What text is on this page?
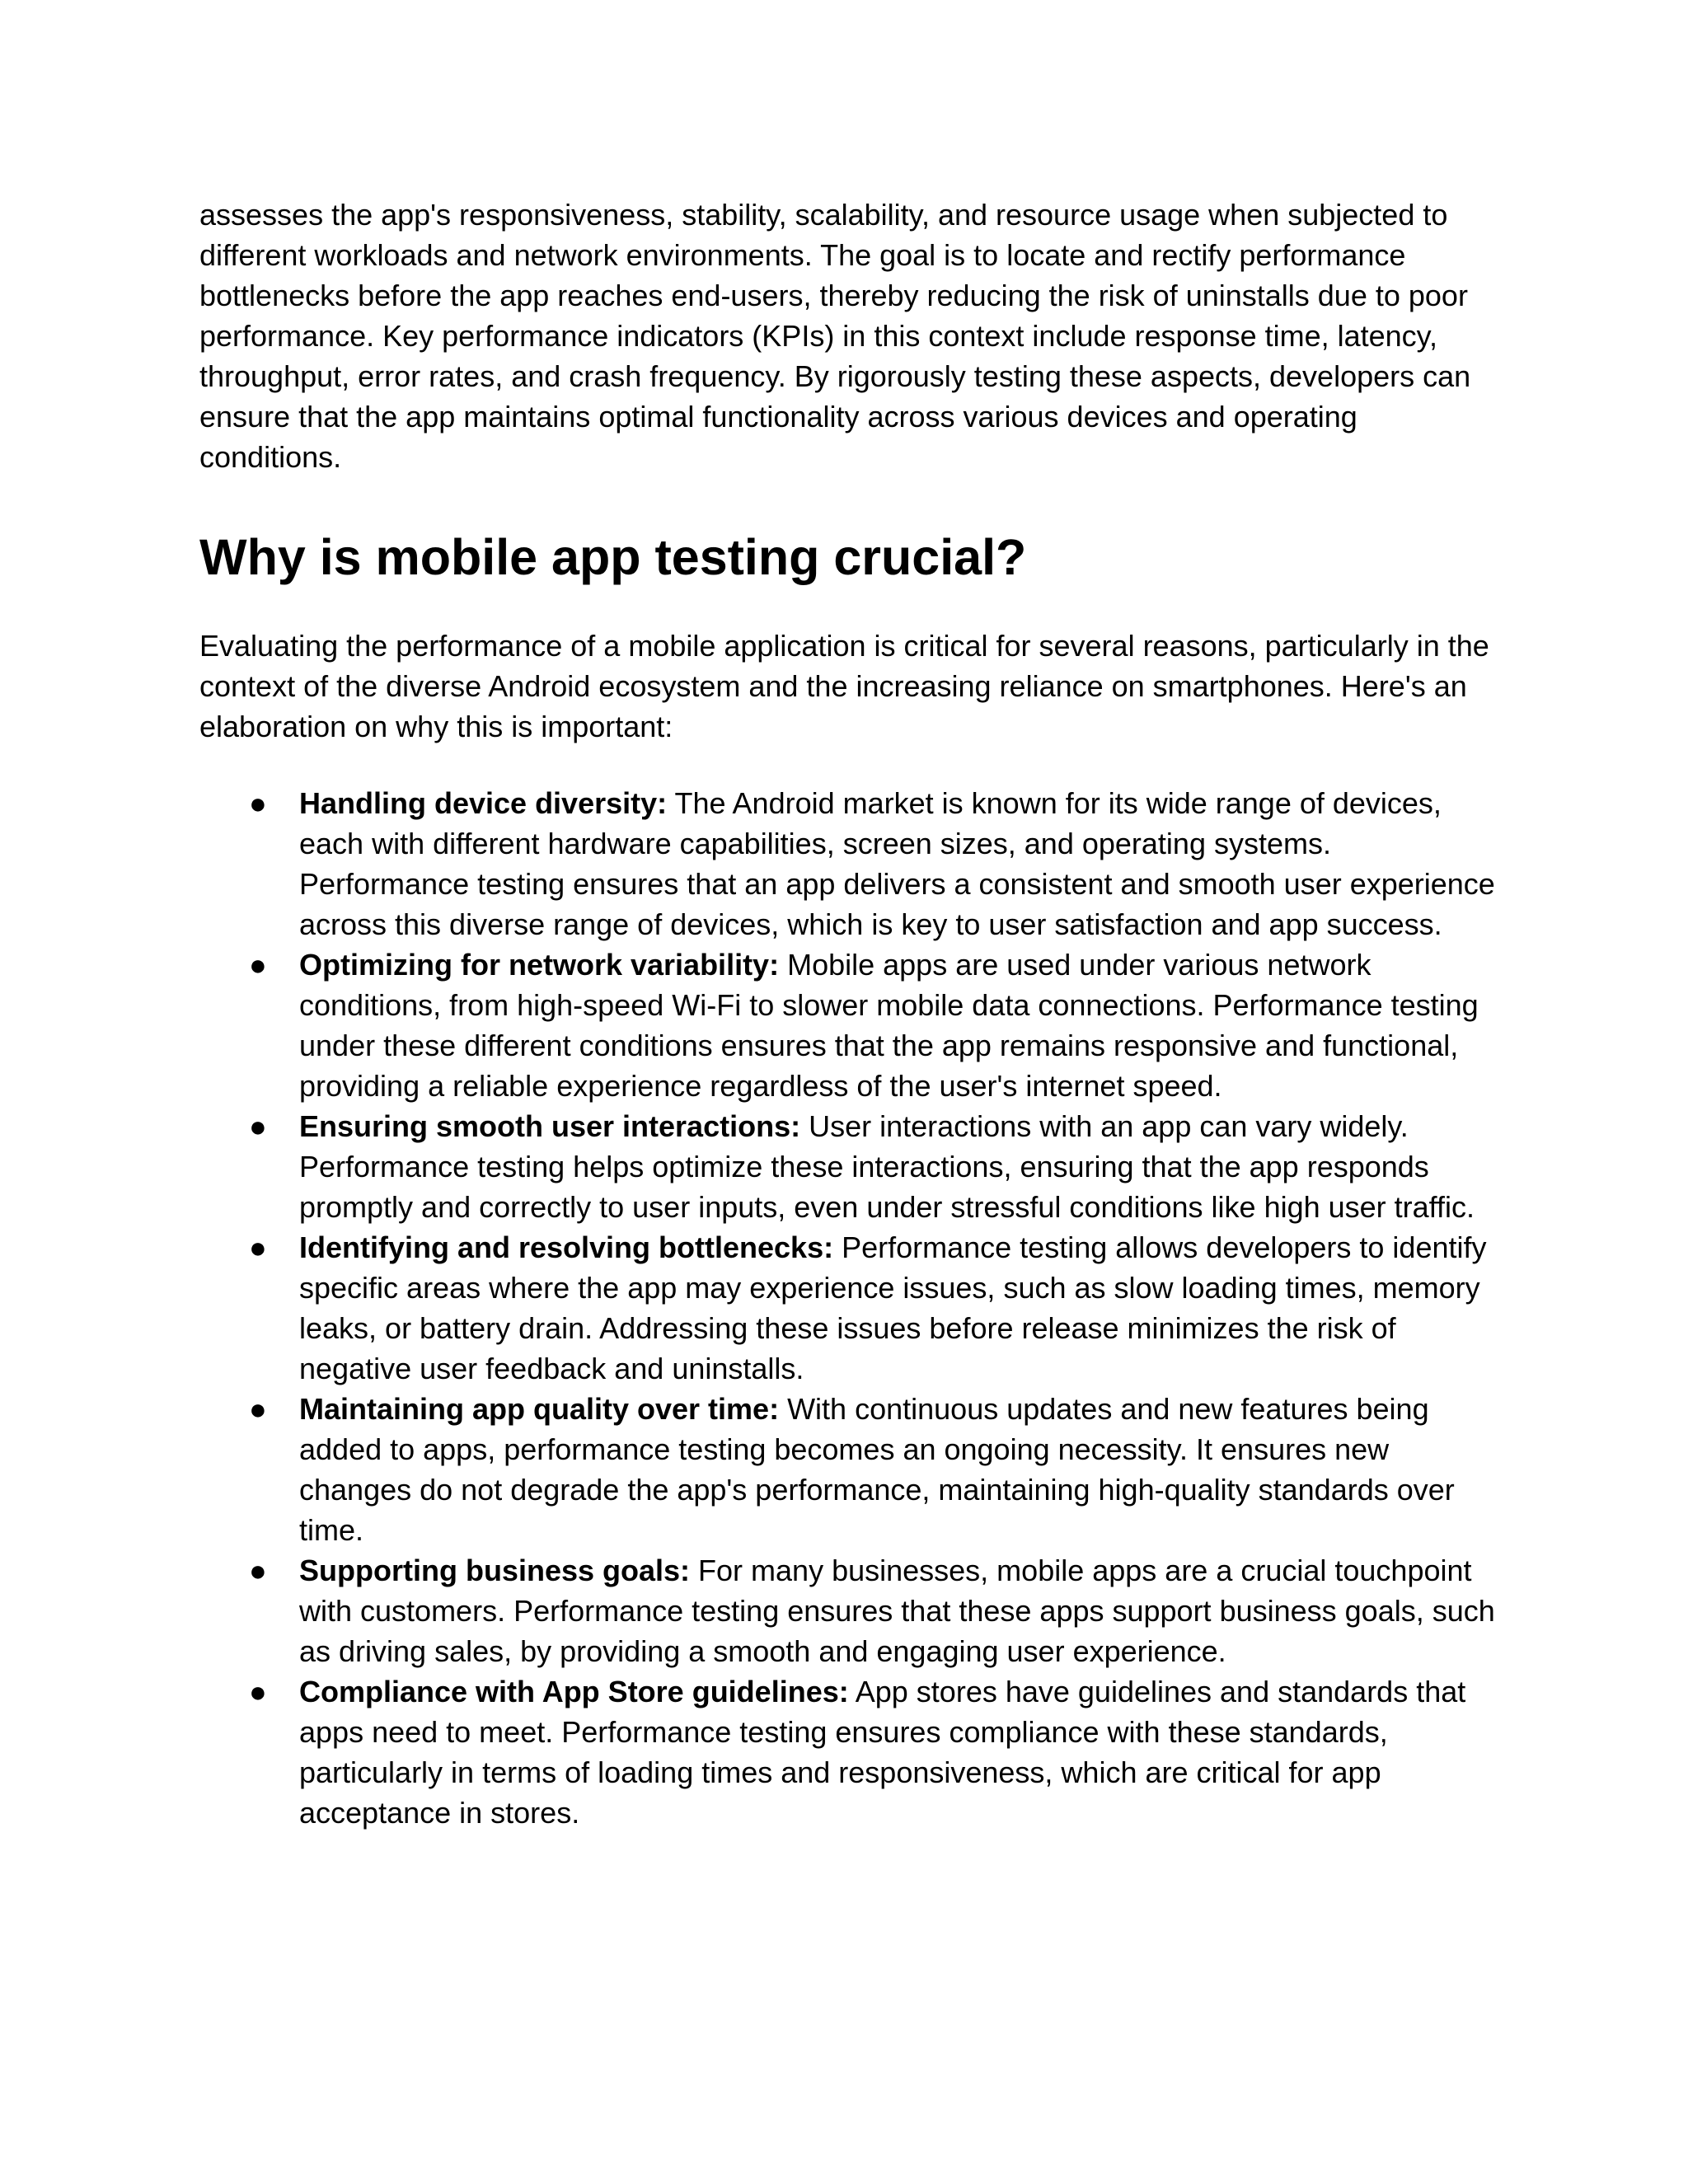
assesses the app's responsiveness, stability, scalability, and resource usage when subjected to different workloads and network environments. The goal is to locate and rectify performance bottlenecks before the app reaches end-users, thereby reducing the risk of uninstalls due to poor performance. Key performance indicators (KPIs) in this context include response time, latency, throughput, error rates, and crash frequency. By rigorously testing these aspects, developers can ensure that the app maintains optimal functionality across various devices and operating conditions.

Why is mobile app testing crucial?

Evaluating the performance of a mobile application is critical for several reasons, particularly in the context of the diverse Android ecosystem and the increasing reliance on smartphones. Here's an elaboration on why this is important:

● Handling device diversity: The Android market is known for its wide range of devices, each with different hardware capabilities, screen sizes, and operating systems. Performance testing ensures that an app delivers a consistent and smooth user experience across this diverse range of devices, which is key to user satisfaction and app success.
● Optimizing for network variability: Mobile apps are used under various network conditions, from high-speed Wi-Fi to slower mobile data connections. Performance testing under these different conditions ensures that the app remains responsive and functional, providing a reliable experience regardless of the user's internet speed.
● Ensuring smooth user interactions: User interactions with an app can vary widely. Performance testing helps optimize these interactions, ensuring that the app responds promptly and correctly to user inputs, even under stressful conditions like high user traffic.
● Identifying and resolving bottlenecks: Performance testing allows developers to identify specific areas where the app may experience issues, such as slow loading times, memory leaks, or battery drain. Addressing these issues before release minimizes the risk of negative user feedback and uninstalls.
● Maintaining app quality over time: With continuous updates and new features being added to apps, performance testing becomes an ongoing necessity. It ensures new changes do not degrade the app's performance, maintaining high-quality standards over time.
● Supporting business goals: For many businesses, mobile apps are a crucial touchpoint with customers. Performance testing ensures that these apps support business goals, such as driving sales, by providing a smooth and engaging user experience.
● Compliance with App Store guidelines: App stores have guidelines and standards that apps need to meet. Performance testing ensures compliance with these standards, particularly in terms of loading times and responsiveness, which are critical for app acceptance in stores.
